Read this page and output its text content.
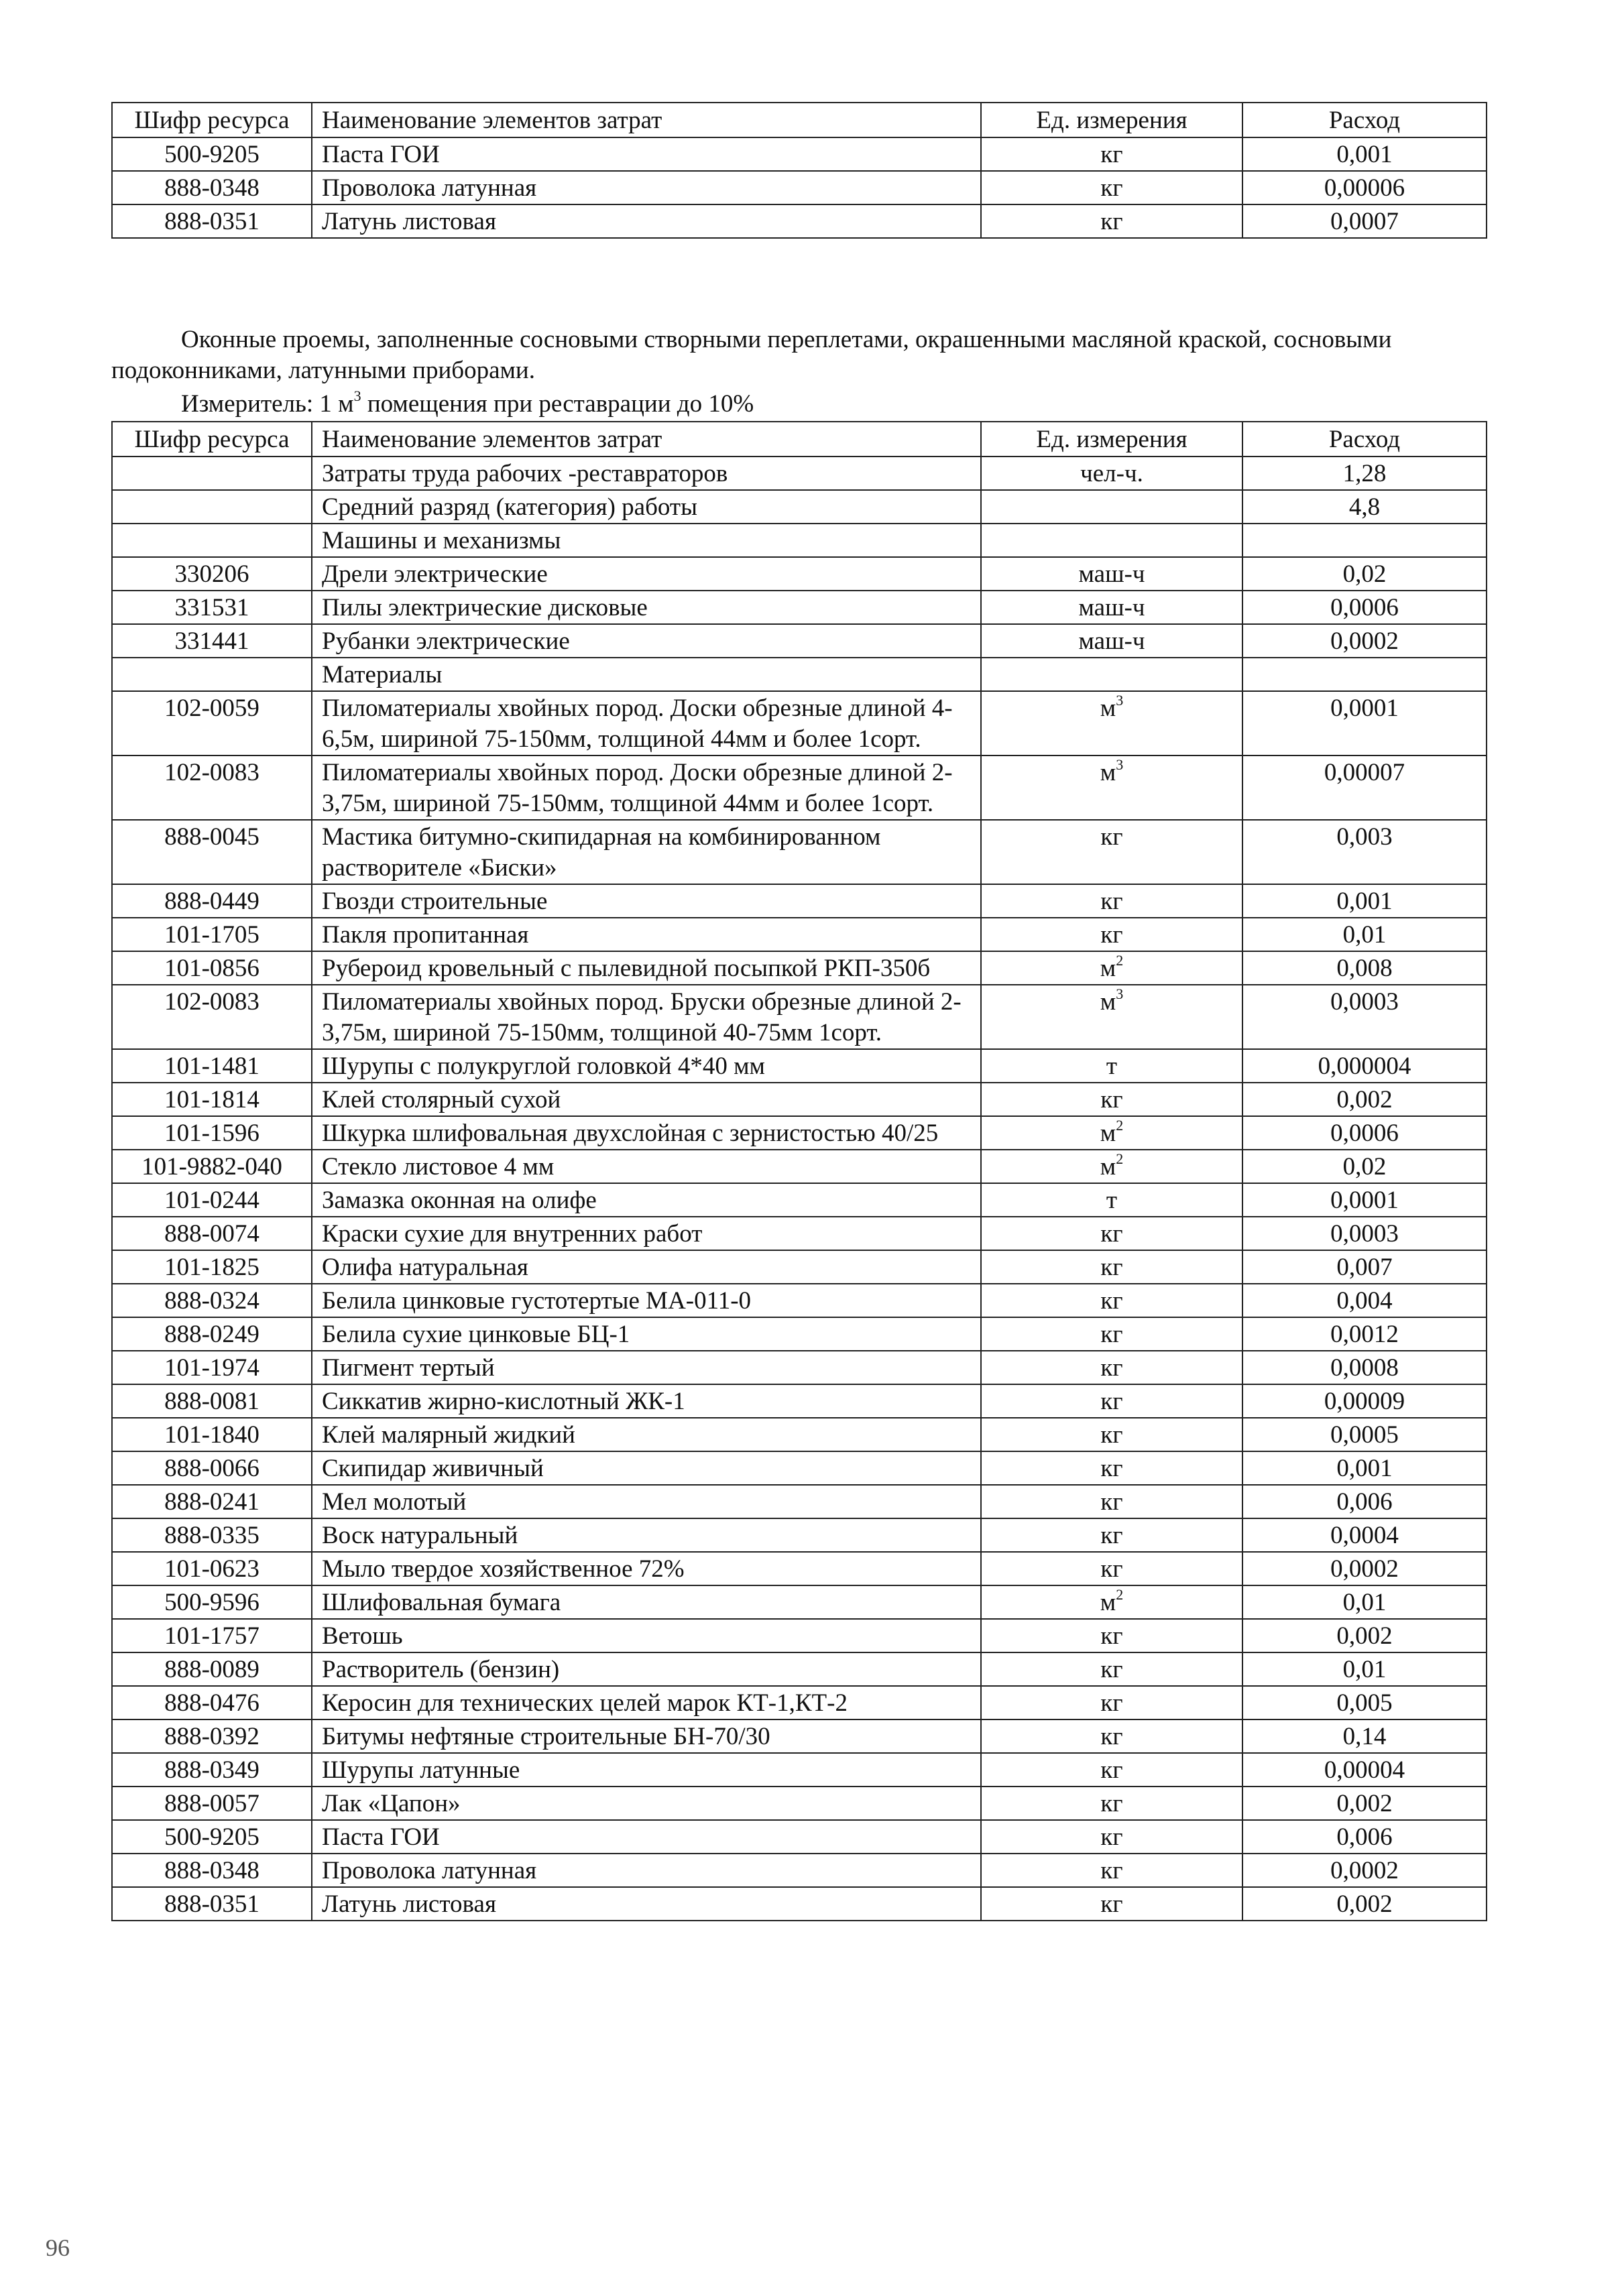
Шифр ресурса	Наименование элементов затрат	Ед. измерения	Расход
500-9205	Паста ГОИ	кг	0,001
888-0348	Проволока латунная	кг	0,00006
888-0351	Латунь листовая	кг	0,0007
Оконные проемы, заполненные сосновыми створными переплетами, окрашенными масляной краской, сосновыми подоконниками, латунными приборами.
Измеритель: 1 $м^3$ помещения при реставрации до 10%
Шифр ресурса	Наименование элементов затрат	Ед. измерения	Расход
	Затраты труда рабочих -реставраторов	чел-ч.	1,28
	Средний разряд (категория) работы		4,8
	Машины и механизмы		
330206	Дрели электрические	маш-ч	0,02
331531	Пилы электрические дисковые	маш-ч	0,0006
331441	Рубанки электрические	маш-ч	0,0002
	Материалы		
102-0059	Пиломатериалы хвойных пород. Доски обрезные длиной 4-6,5м, шириной 75-150мм, толщиной 44мм и более 1сорт.	$м^3$	0,0001
102-0083	Пиломатериалы хвойных пород. Доски обрезные длиной 2-3,75м, шириной 75-150мм, толщиной 44мм и более 1сорт.	$м^3$	0,00007
888-0045	Мастика битумно-скипидарная на комбинированном растворителе «Биски»	кг	0,003
888-0449	Гвозди строительные	кг	0,001
101-1705	Пакля пропитанная	кг	0,01
101-0856	Рубероид кровельный с пылевидной посыпкой РКП-350б	$м^2$	0,008
102-0083	Пиломатериалы хвойных пород. Бруски обрезные длиной 2-3,75м, шириной 75-150мм, толщиной 40-75мм 1сорт.	$м^3$	0,0003
101-1481	Шурупы с полукруглой головкой 4*40 мм	т	0,000004
101-1814	Клей столярный сухой	кг	0,002
101-1596	Шкурка шлифовальная двухслойная с зернистостью 40/25	$м^2$	0,0006
101-9882-040	Стекло листовое 4 мм	$м^2$	0,02
101-0244	Замазка оконная на олифе	т	0,0001
888-0074	Краски сухие для внутренних работ	кг	0,0003
101-1825	Олифа натуральная	кг	0,007
888-0324	Белила цинковые густотертые МА-011-0	кг	0,004
888-0249	Белила сухие цинковые БЦ-1	кг	0,0012
101-1974	Пигмент тертый	кг	0,0008
888-0081	Сиккатив жирно-кислотный ЖК-1	кг	0,00009
101-1840	Клей малярный жидкий	кг	0,0005
888-0066	Скипидар живичный	кг	0,001
888-0241	Мел молотый	кг	0,006
888-0335	Воск натуральный	кг	0,0004
101-0623	Мыло твердое хозяйственное 72%	кг	0,0002
500-9596	Шлифовальная бумага	$м^2$	0,01
101-1757	Ветошь	кг	0,002
888-0089	Растворитель (бензин)	кг	0,01
888-0476	Керосин для технических целей марок КТ-1,КТ-2	кг	0,005
888-0392	Битумы нефтяные строительные БН-70/30	кг	0,14
888-0349	Шурупы латунные	кг	0,00004
888-0057	Лак «Цапон»	кг	0,002
500-9205	Паста ГОИ	кг	0,006
888-0348	Проволока латунная	кг	0,0002
888-0351	Латунь листовая	кг	0,002
96
